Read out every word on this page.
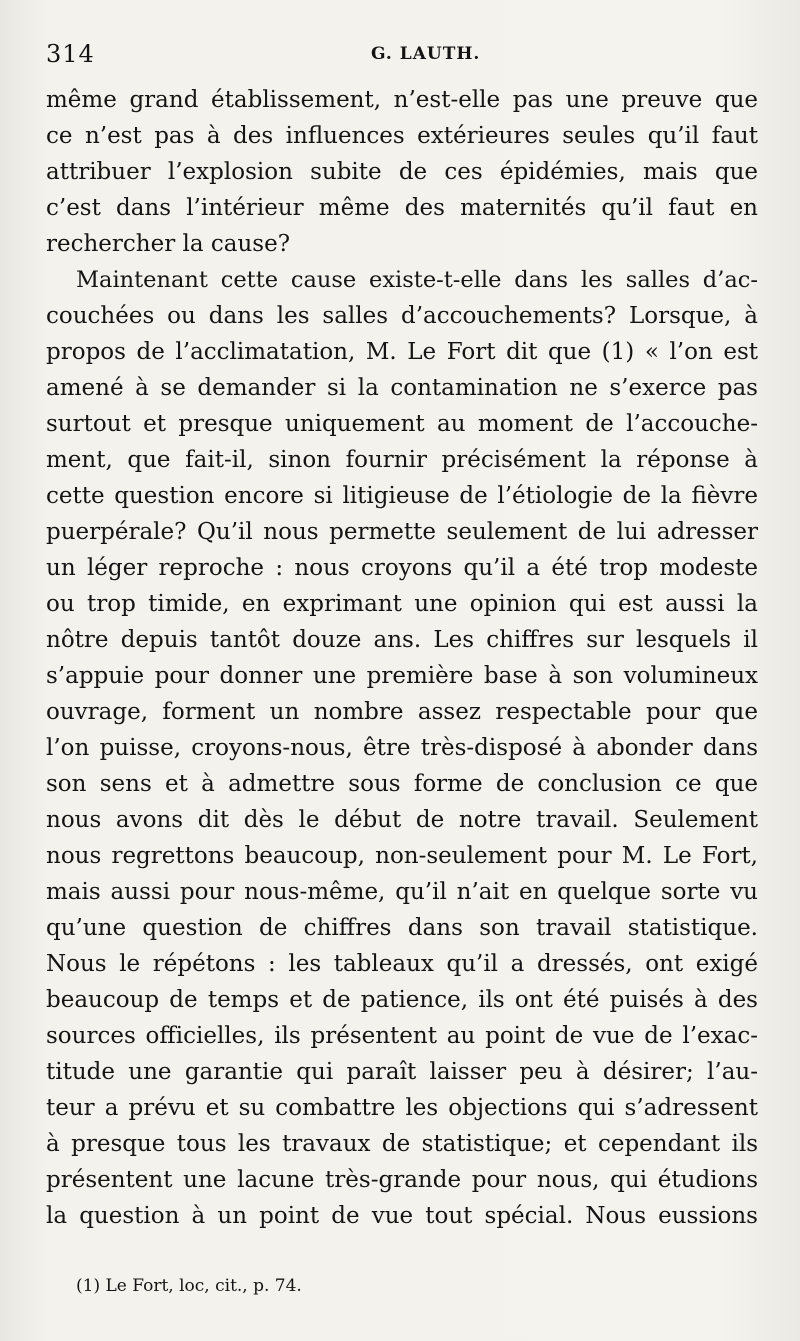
314	G. LAUTH.
même grand établissement, n’est-elle pas une preuve que
ce n’est pas à des influences extérieures seules qu’il faut
attribuer l’explosion subite de ces épidémies, mais que
c’est dans l’intérieur même des maternités qu’il faut en
rechercher la cause?
Maintenant cette cause existe-t-elle dans les salles d’ac-
couchées ou dans les salles d’accouchements? Lorsque, à
propos de l’acclimatation, M. Le Fort dit que (1) « l’on est
amené à se demander si la contamination ne s’exerce pas
surtout et presque uniquement au moment de l’accouche-
ment, que fait-il, sinon fournir précisément la réponse à
cette question encore si litigieuse de l’étiologie de la fièvre
puerpérale? Qu’il nous permette seulement de lui adresser
un léger reproche : nous croyons qu’il a été trop modeste
ou trop timide, en exprimant une opinion qui est aussi la
nôtre depuis tantôt douze ans. Les chiffres sur lesquels il
s’appuie pour donner une première base à son volumineux
ouvrage, forment un nombre assez respectable pour que
l’on puisse, croyons-nous, être très-disposé à abonder dans
son sens et à admettre sous forme de conclusion ce que
nous avons dit dès le début de notre travail. Seulement
nous regrettons beaucoup, non-seulement pour M. Le Fort,
mais aussi pour nous-même, qu’il n’ait en quelque sorte vu
qu’une question de chiffres dans son travail statistique.
Nous le répétons : les tableaux qu’il a dressés, ont exigé
beaucoup de temps et de patience, ils ont été puisés à des
sources officielles, ils présentent au point de vue de l’exac-
titude une garantie qui paraît laisser peu à désirer; l’au-
teur a prévu et su combattre les objections qui s’adressent
à presque tous les travaux de statistique; et cependant ils
présentent une lacune très-grande pour nous, qui étudions
la question à un point de vue tout spécial. Nous eussions
(1) Le Fort, loc, cit., p. 74.
